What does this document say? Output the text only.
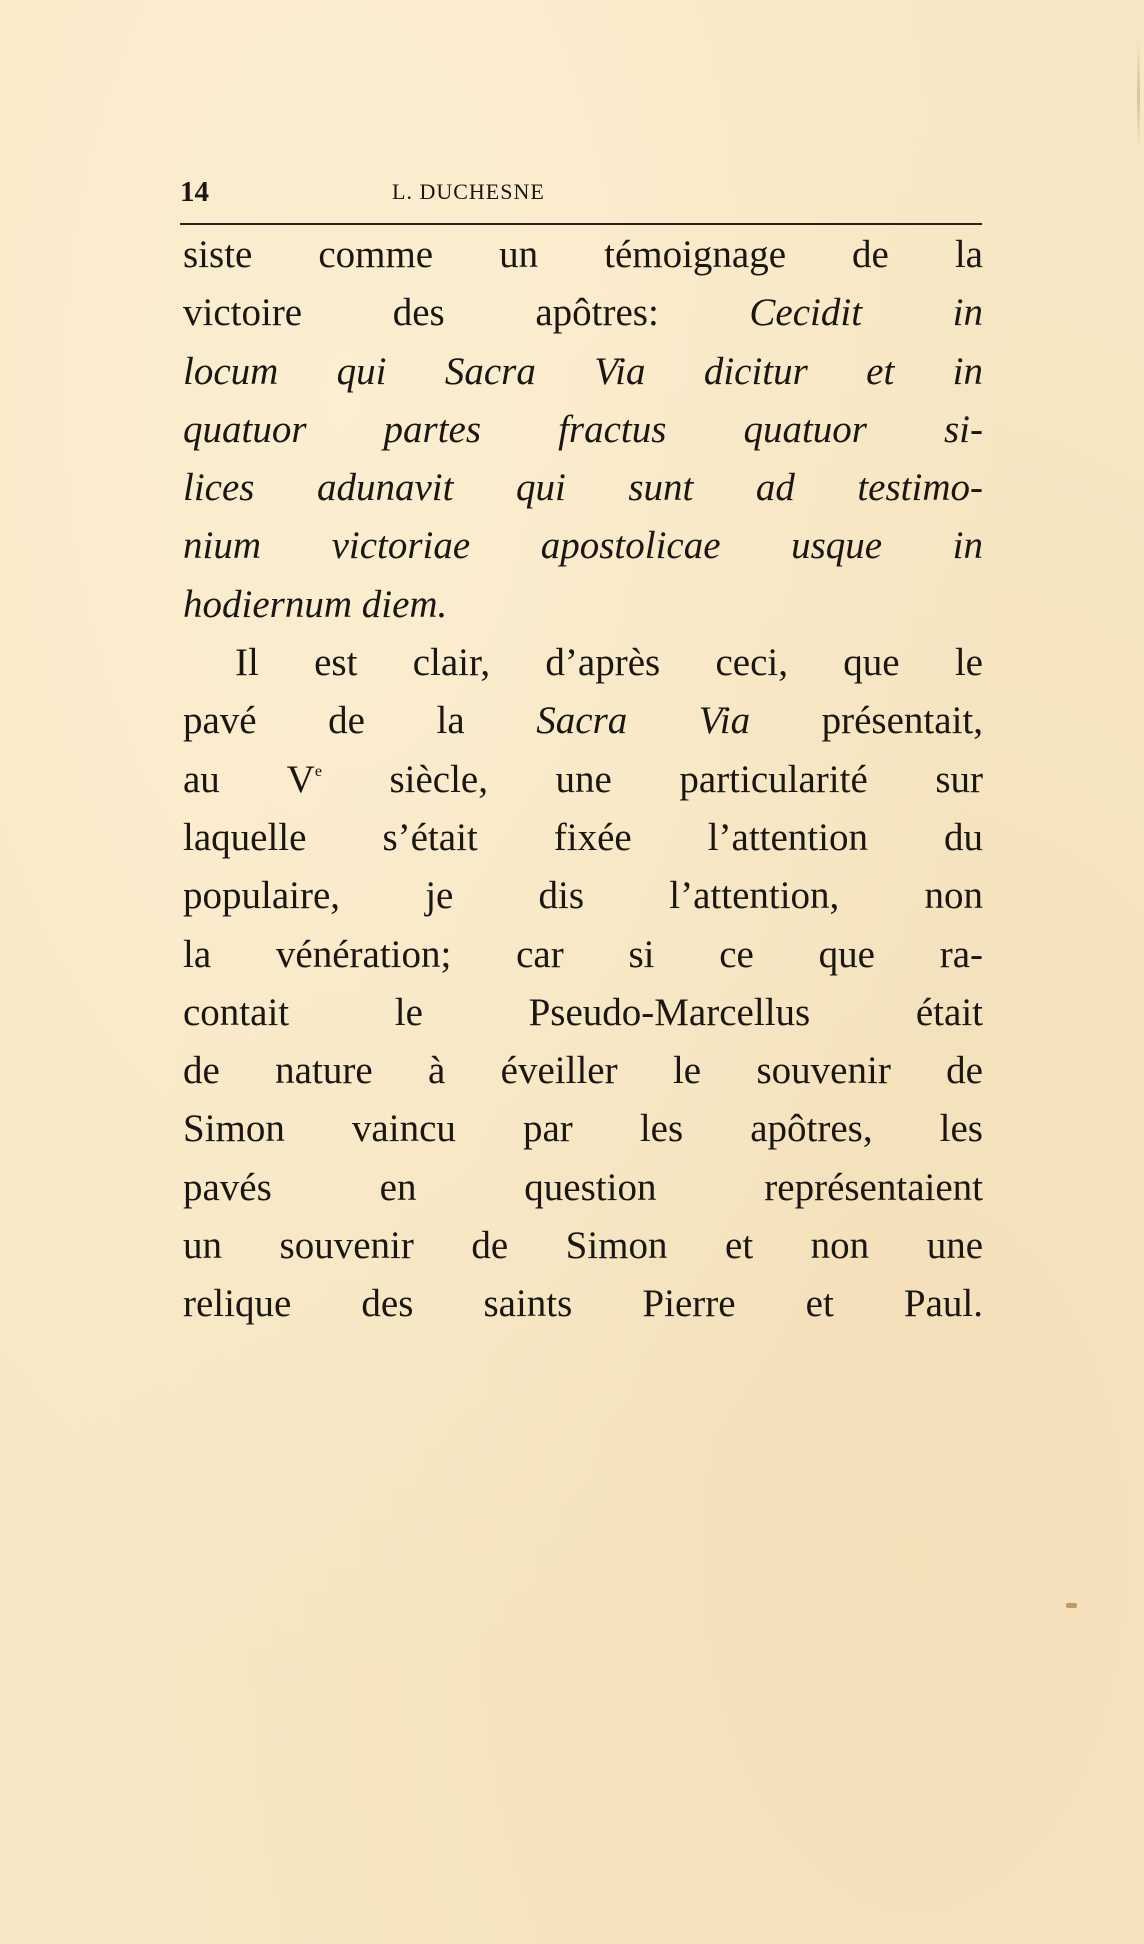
14	L. DUCHESNE
siste comme un témoignage de la
victoire des apôtres: Cecidit in
locum qui Sacra Via dicitur et in
quatuor partes fractus quatuor si-
lices adunavit qui sunt ad testimo-
nium victoriae apostolicae usque in
hodiernum diem.
Il est clair, d’après ceci, que le
pavé de la Sacra Via présentait,
au Ve siècle, une particularité sur
laquelle s’était fixée l’attention du
populaire, je dis l’attention, non
la vénération; car si ce que ra-
contait le Pseudo-Marcellus était
de nature à éveiller le souvenir de
Simon vaincu par les apôtres, les
pavés en question représentaient
un souvenir de Simon et non une
relique des saints Pierre et Paul.
